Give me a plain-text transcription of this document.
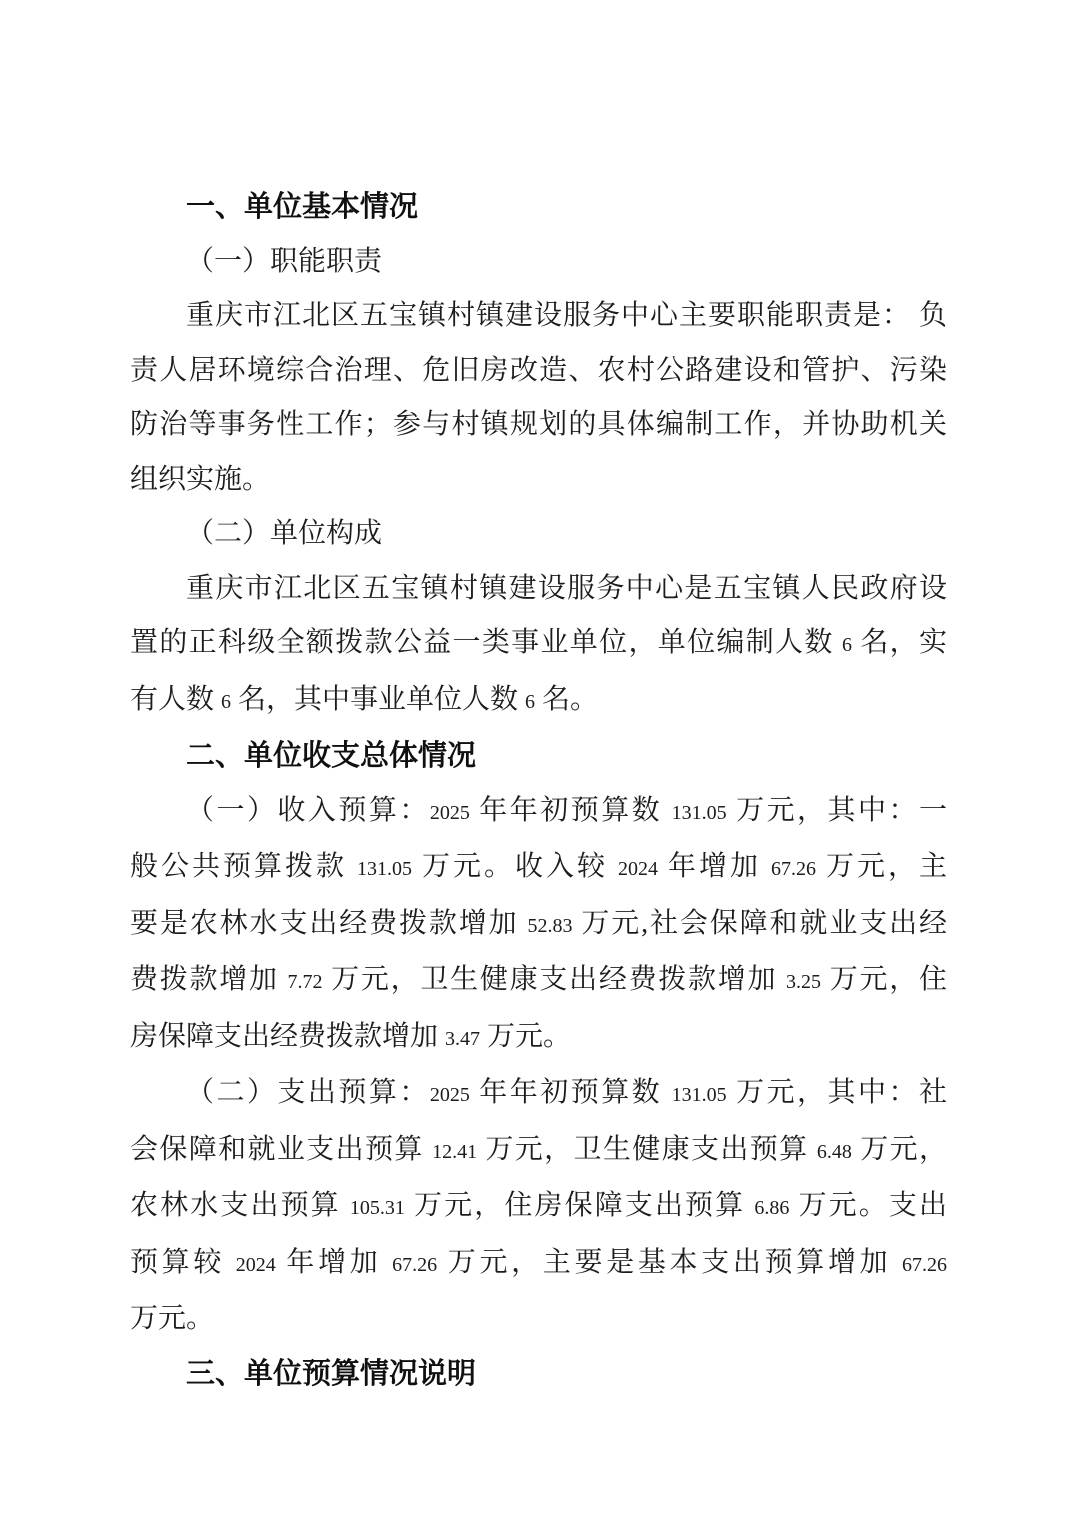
一、单位基本情况
（一）职能职责
重庆市江北区五宝镇村镇建设服务中心主要职能职责是： 负
责人居环境综合治理、危旧房改造、农村公路建设和管护、污染
防治等事务性工作；参与村镇规划的具体编制工作，并协助机关
组织实施。
（二）单位构成
重庆市江北区五宝镇村镇建设服务中心是五宝镇人民政府设
置的正科级全额拨款公益一类事业单位，单位编制人数 6 名，实
有人数 6 名，其中事业单位人数 6 名。
二、单位收支总体情况
（一）收入预算：2025 年年初预算数 131.05 万元，其中：一
般公共预算拨款 131.05 万元。收入较 2024 年增加 67.26 万元，主
要是农林水支出经费拨款增加 52.83 万元,社会保障和就业支出经
费拨款增加 7.72 万元，卫生健康支出经费拨款增加 3.25 万元，住
房保障支出经费拨款增加 3.47 万元。
（二）支出预算：2025 年年初预算数 131.05 万元，其中：社
会保障和就业支出预算 12.41 万元，卫生健康支出预算 6.48 万元，
农林水支出预算 105.31 万元，住房保障支出预算 6.86 万元。支出
预算较 2024 年增加 67.26 万元，主要是基本支出预算增加 67.26
万元。
三、单位预算情况说明
